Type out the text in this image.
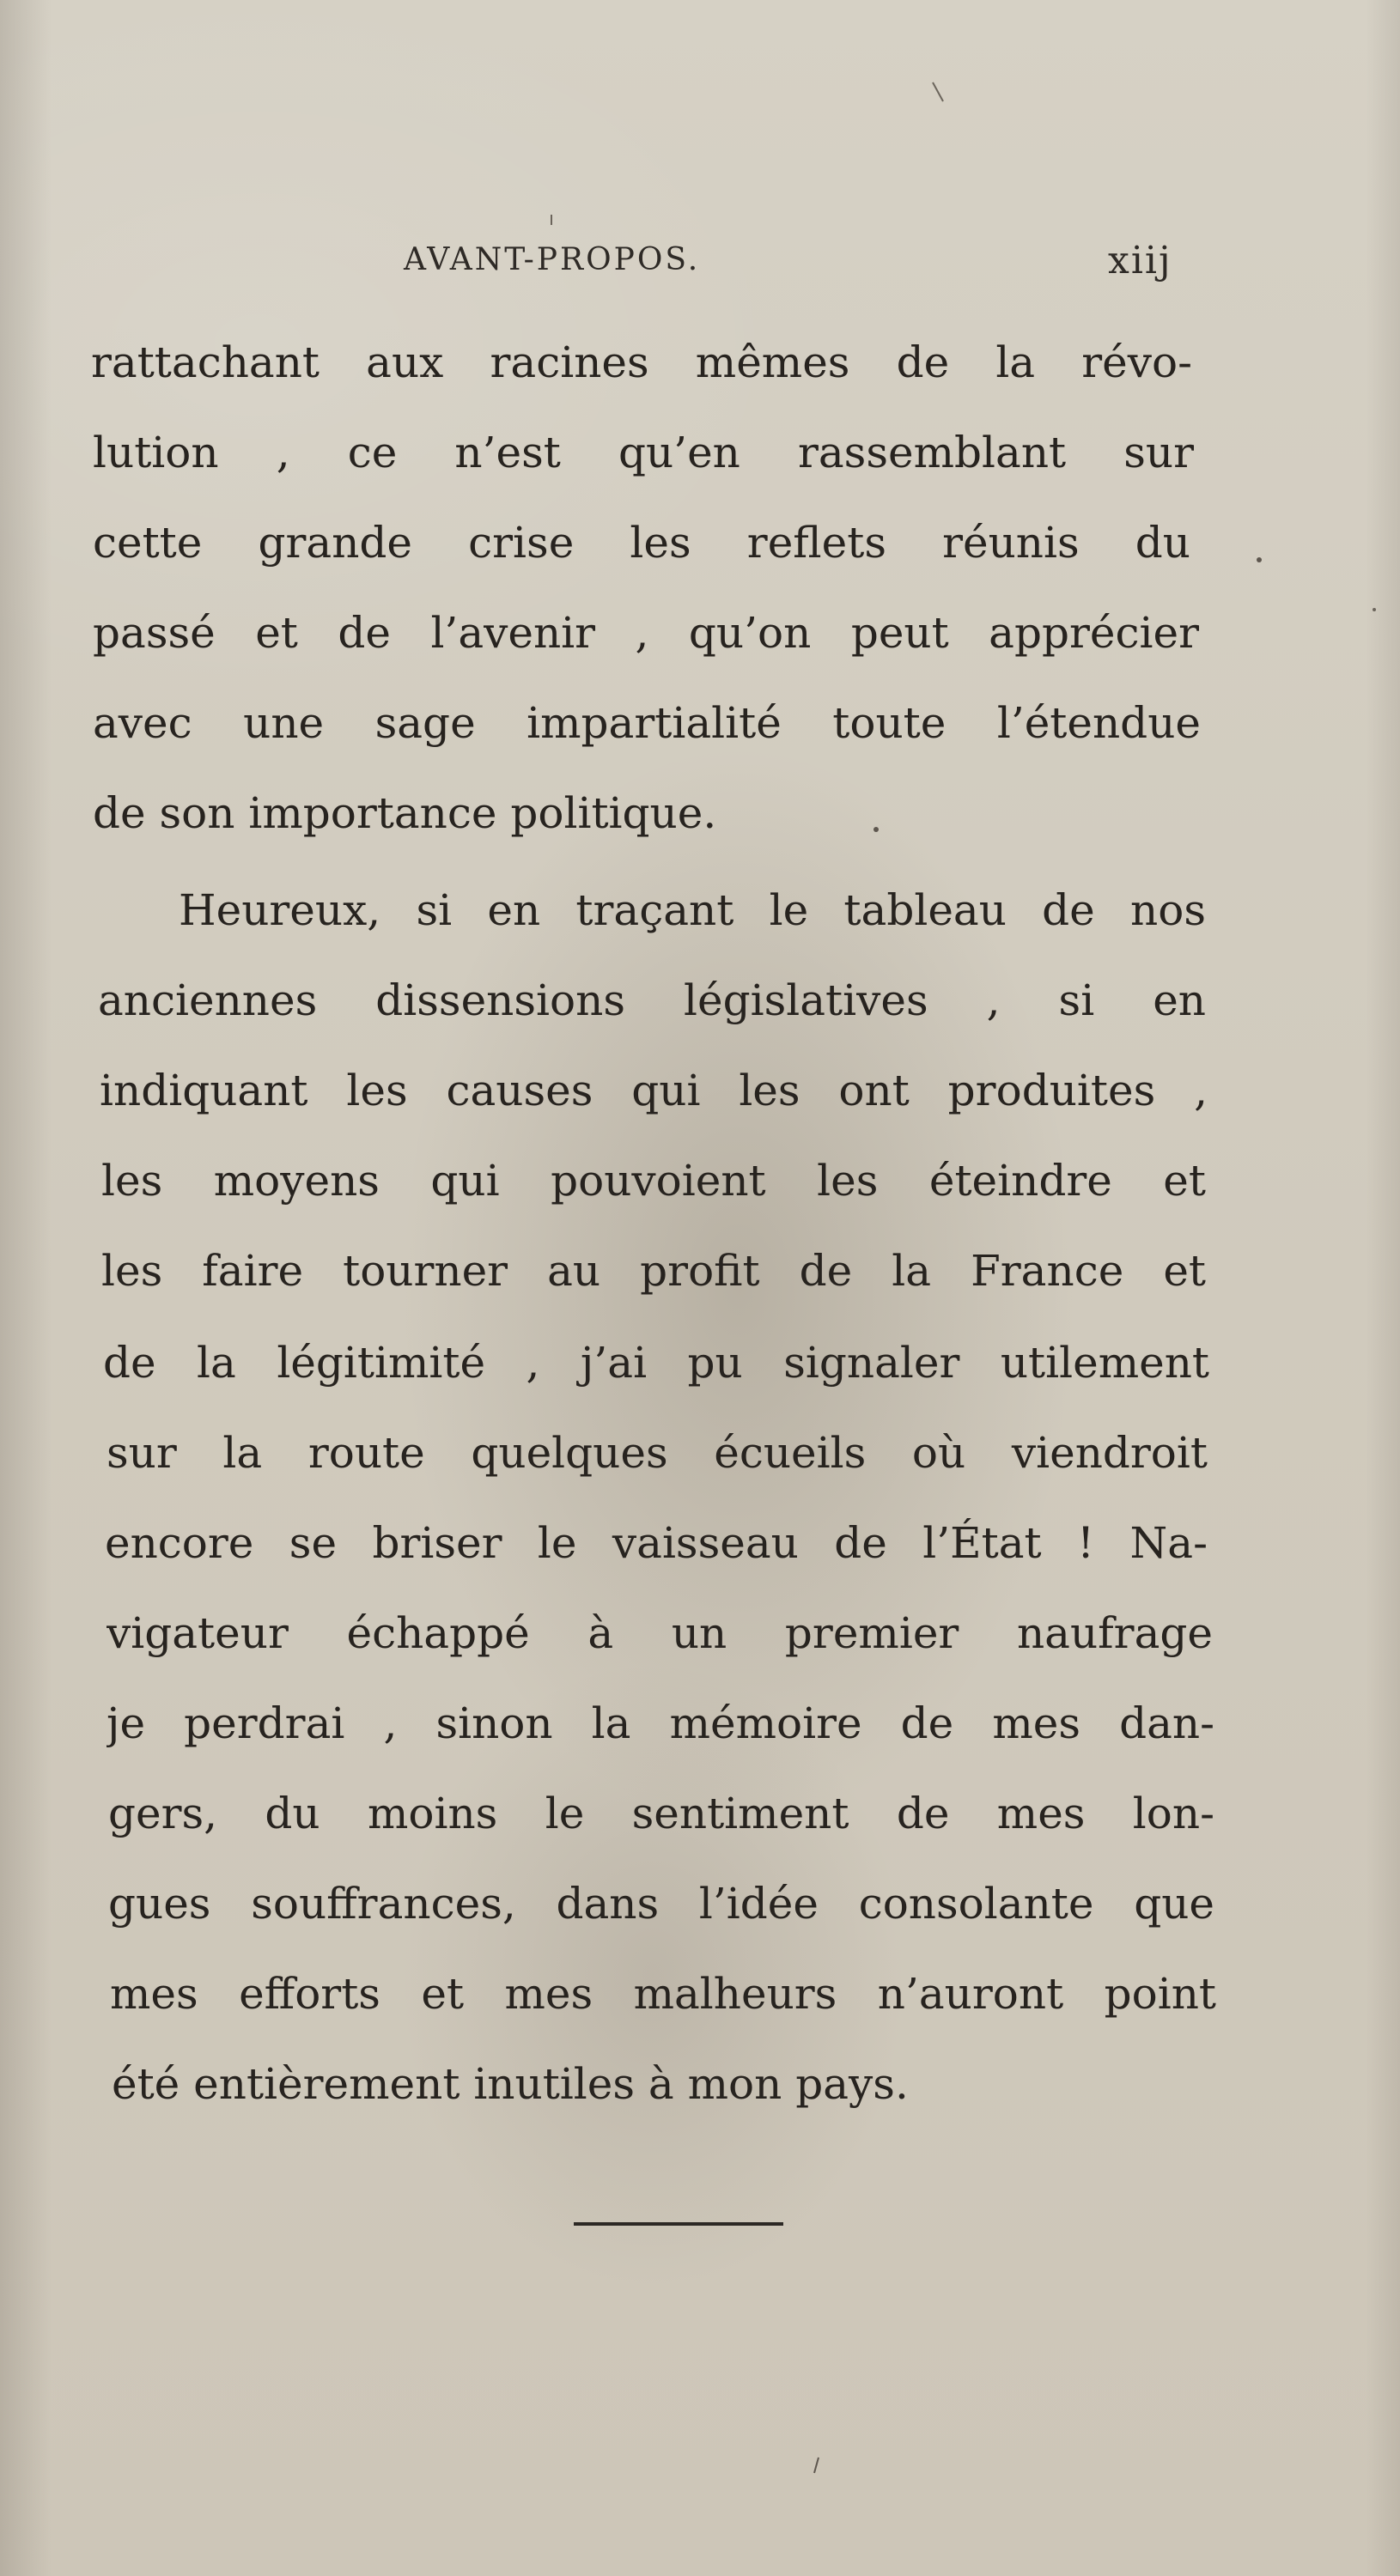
AVANT-PROPOS.	xiij
rattachant aux racines mêmes de la révo-
lution , ce n’est qu’en rassemblant sur
cette grande crise les reflets réunis du
passé et de l’avenir , qu’on peut apprécier
avec une sage impartialité toute l’étendue
de son importance politique.
Heureux, si en traçant le tableau de nos
anciennes dissensions législatives , si en
indiquant les causes qui les ont produites ,
les moyens qui pouvoient les éteindre et
les faire tourner au profit de la France et
de la légitimité , j’ai pu signaler utilement
sur la route quelques écueils où viendroit
encore se briser le vaisseau de l’État ! Na-
vigateur échappé à un premier naufrage
je perdrai , sinon la mémoire de mes dan-
gers, du moins le sentiment de mes lon-
gues souffrances, dans l’idée consolante que
mes efforts et mes malheurs n’auront point
été entièrement inutiles à mon pays.
